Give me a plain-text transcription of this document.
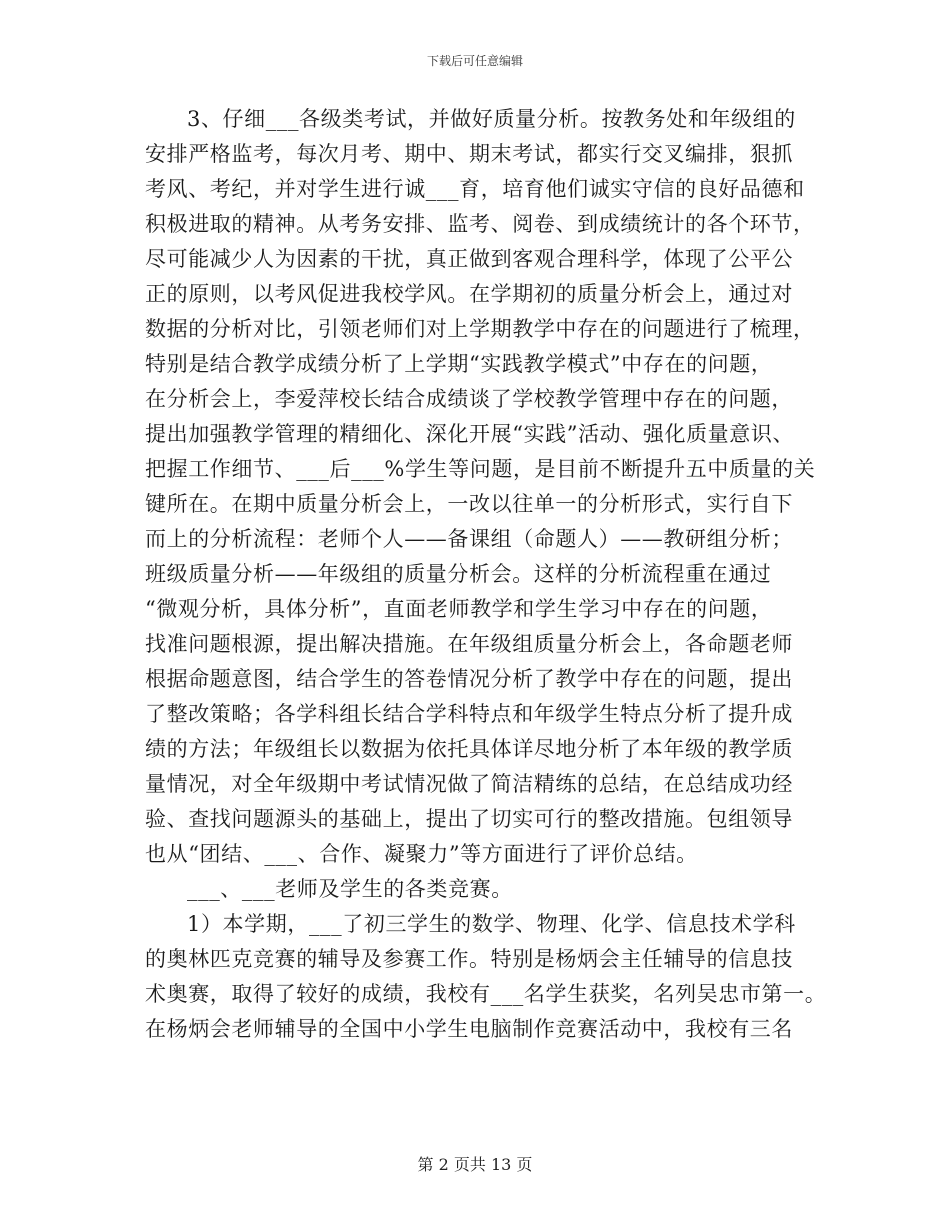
下载后可任意编辑
3、仔细___各级类考试，并做好质量分析。按教务处和年级组的
安排严格监考，每次月考、期中、期末考试，都实行交叉编排，狠抓
考风、考纪，并对学生进行诚___育，培育他们诚实守信的良好品德和
积极进取的精神。从考务安排、监考、阅卷、到成绩统计的各个环节，
尽可能减少人为因素的干扰，真正做到客观合理科学，体现了公平公
正的原则，以考风促进我校学风。在学期初的质量分析会上，通过对
数据的分析对比，引领老师们对上学期教学中存在的问题进行了梳理，
特别是结合教学成绩分析了上学期“实践教学模式”中存在的问题，
在分析会上，李爱萍校长结合成绩谈了学校教学管理中存在的问题，
提出加强教学管理的精细化、深化开展“实践”活动、强化质量意识、
把握工作细节、___后___%学生等问题，是目前不断提升五中质量的关
键所在。在期中质量分析会上，一改以往单一的分析形式，实行自下
而上的分析流程：老师个人——备课组（命题人）——教研组分析；
班级质量分析——年级组的质量分析会。这样的分析流程重在通过
“微观分析，具体分析”，直面老师教学和学生学习中存在的问题，
找准问题根源，提出解决措施。在年级组质量分析会上，各命题老师
根据命题意图，结合学生的答卷情况分析了教学中存在的问题，提出
了整改策略；各学科组长结合学科特点和年级学生特点分析了提升成
绩的方法；年级组长以数据为依托具体详尽地分析了本年级的教学质
量情况，对全年级期中考试情况做了简洁精练的总结，在总结成功经
验、查找问题源头的基础上，提出了切实可行的整改措施。包组领导
也从“团结、___、合作、凝聚力”等方面进行了评价总结。
___、___老师及学生的各类竞赛。
1）本学期，___了初三学生的数学、物理、化学、信息技术学科
的奥林匹克竞赛的辅导及参赛工作。特别是杨炳会主任辅导的信息技
术奥赛，取得了较好的成绩，我校有___名学生获奖，名列吴忠市第一。
在杨炳会老师辅导的全国中小学生电脑制作竞赛活动中，我校有三名
第 2 页共 13 页
